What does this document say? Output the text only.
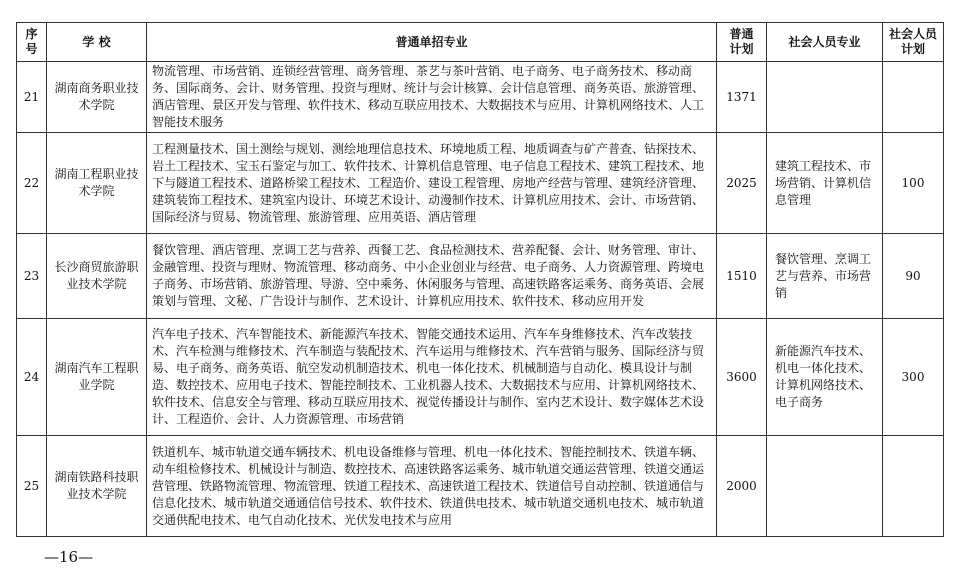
序号	学 校	普通单招专业	普通计划	社会人员专业	社会人员计划
21	湖南商务职业技术学院	物流管理、市场营销、连锁经营管理、商务管理、茶艺与茶叶营销、电子商务、电子商务技术、移动商务、国际商务、会计、财务管理、投资与理财、统计与会计核算、会计信息管理、商务英语、旅游管理、酒店管理、景区开发与管理、软件技术、移动互联应用技术、大数据技术与应用、计算机网络技术、人工智能技术服务	1371		
22	湖南工程职业技术学院	工程测量技术、国土测绘与规划、测绘地理信息技术、环境地质工程、地质调查与矿产普查、钻探技术、岩土工程技术、宝玉石鉴定与加工、软件技术、计算机信息管理、电子信息工程技术、建筑工程技术、地下与隧道工程技术、道路桥梁工程技术、工程造价、建设工程管理、房地产经营与管理、建筑经济管理、建筑装饰工程技术、建筑室内设计、环境艺术设计、动漫制作技术、计算机应用技术、会计、市场营销、国际经济与贸易、物流管理、旅游管理、应用英语、酒店管理	2025	建筑工程技术、市场营销、计算机信息管理	100
23	长沙商贸旅游职业技术学院	餐饮管理、酒店管理、烹调工艺与营养、西餐工艺、食品检测技术、营养配餐、会计、财务管理、审计、金融管理、投资与理财、物流管理、移动商务、中小企业创业与经营、电子商务、人力资源管理、跨境电子商务、市场营销、旅游管理、导游、空中乘务、休闲服务与管理、高速铁路客运乘务、商务英语、会展策划与管理、文秘、广告设计与制作、艺术设计、计算机应用技术、软件技术、移动应用开发	1510	餐饮管理、烹调工艺与营养、市场营销	90
24	湖南汽车工程职业学院	汽车电子技术、汽车智能技术、新能源汽车技术、智能交通技术运用、汽车车身维修技术、汽车改装技术、汽车检测与维修技术、汽车制造与装配技术、汽车运用与维修技术、汽车营销与服务、国际经济与贸易、电子商务、商务英语、航空发动机制造技术、机电一体化技术、机械制造与自动化、模具设计与制造、数控技术、应用电子技术、智能控制技术、工业机器人技术、大数据技术与应用、计算机网络技术、软件技术、信息安全与管理、移动互联应用技术、视觉传播设计与制作、室内艺术设计、数字媒体艺术设计、工程造价、会计、人力资源管理、市场营销	3600	新能源汽车技术、机电一体化技术、计算机网络技术、电子商务	300
25	湖南铁路科技职业技术学院	铁道机车、城市轨道交通车辆技术、机电设备维修与管理、机电一体化技术、智能控制技术、铁道车辆、动车组检修技术、机械设计与制造、数控技术、高速铁路客运乘务、城市轨道交通运营管理、铁道交通运营管理、铁路物流管理、物流管理、铁道工程技术、高速铁道工程技术、铁道信号自动控制、铁道通信与信息化技术、城市轨道交通通信信号技术、软件技术、铁道供电技术、城市轨道交通机电技术、城市轨道交通供配电技术、电气自动化技术、光伏发电技术与应用	2000		
—16—
